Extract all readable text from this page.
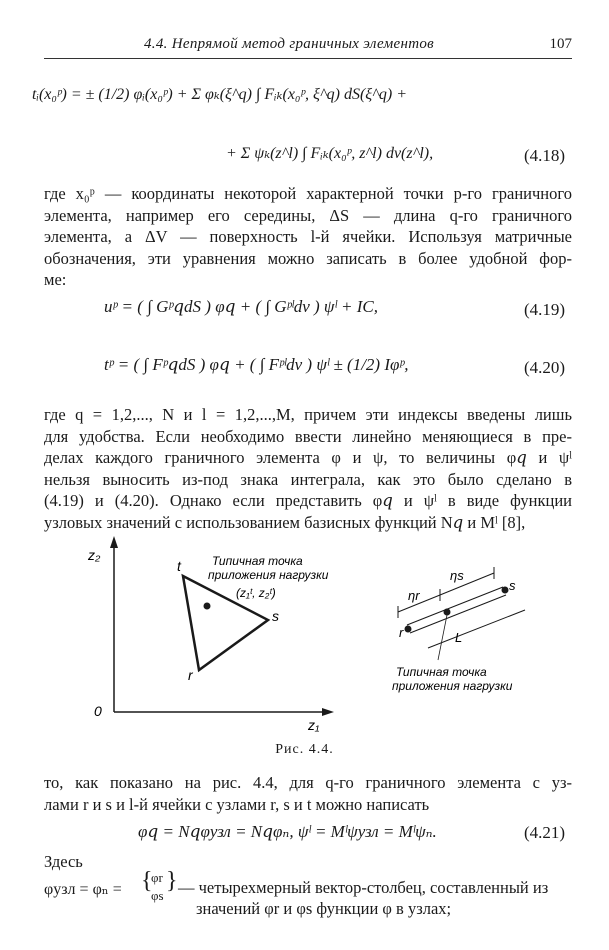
4.4. Непрямой метод граничных элементов	107
tᵢ(x₀ᵖ) = ± (1/2) φᵢ(x₀ᵖ) + Σ φₖ(ξ^q) ∫ Fᵢₖ(x₀ᵖ, ξ^q) dS(ξ^q) +
+ Σ ψₖ(z^l) ∫ Fᵢₖ(x₀ᵖ, z^l) dv(z^l),	(4.18)
где x₀ᵖ — координаты некоторой характерной точки p-го граничного
элемента, например его середины, ΔS — длина q-го граничного
элемента, а ΔV — поверхность l-й ячейки. Используя матричные
обозначения, эти уравнения можно записать в более удобной фор-
ме:
uᵖ = ( ∫ Gᵖ𝑞dS ) φ𝑞 + ( ∫ Gᵖˡdv ) ψˡ + IC,	(4.19)
tᵖ = ( ∫ Fᵖ𝑞dS ) φ𝑞 + ( ∫ Fᵖˡdv ) ψˡ ± (1/2) Iφᵖ,	(4.20)
где q = 1,2,..., N и l = 1,2,...,M, причем эти индексы введены лишь
для удобства. Если необходимо ввести линейно меняющиеся в пре-
делах каждого граничного элемента φ и ψ, то величины φ𝑞 и ψˡ
нельзя выносить из-под знака интеграла, как это было сделано в
(4.19) и (4.20). Однако если представить φ𝑞 и ψˡ в виде функции
узловых значений с использованием базисных функций N𝑞 и Mˡ [8],
z₂
z₁
0
t
s
r
Типичная точка
приложения нагрузки
(z₁ᵗ, z₂ᵗ)
r
s
ηr
ηs
L
Типичная точка
приложения нагрузки
Рис. 4.4.
то, как показано на рис. 4.4, для q-го граничного элемента с уз-
лами r и s и l-й ячейки с узлами r, s и t можно написать
φ𝑞 = N𝑞φузл = N𝑞φₙ, ψˡ = Mˡψузл = Mˡψₙ.	(4.21)
Здесь
φузл = φₙ = {
φr
φs
} — четырехмерный вектор-столбец, составленный из
значений φr и φs функции φ в узлах;
